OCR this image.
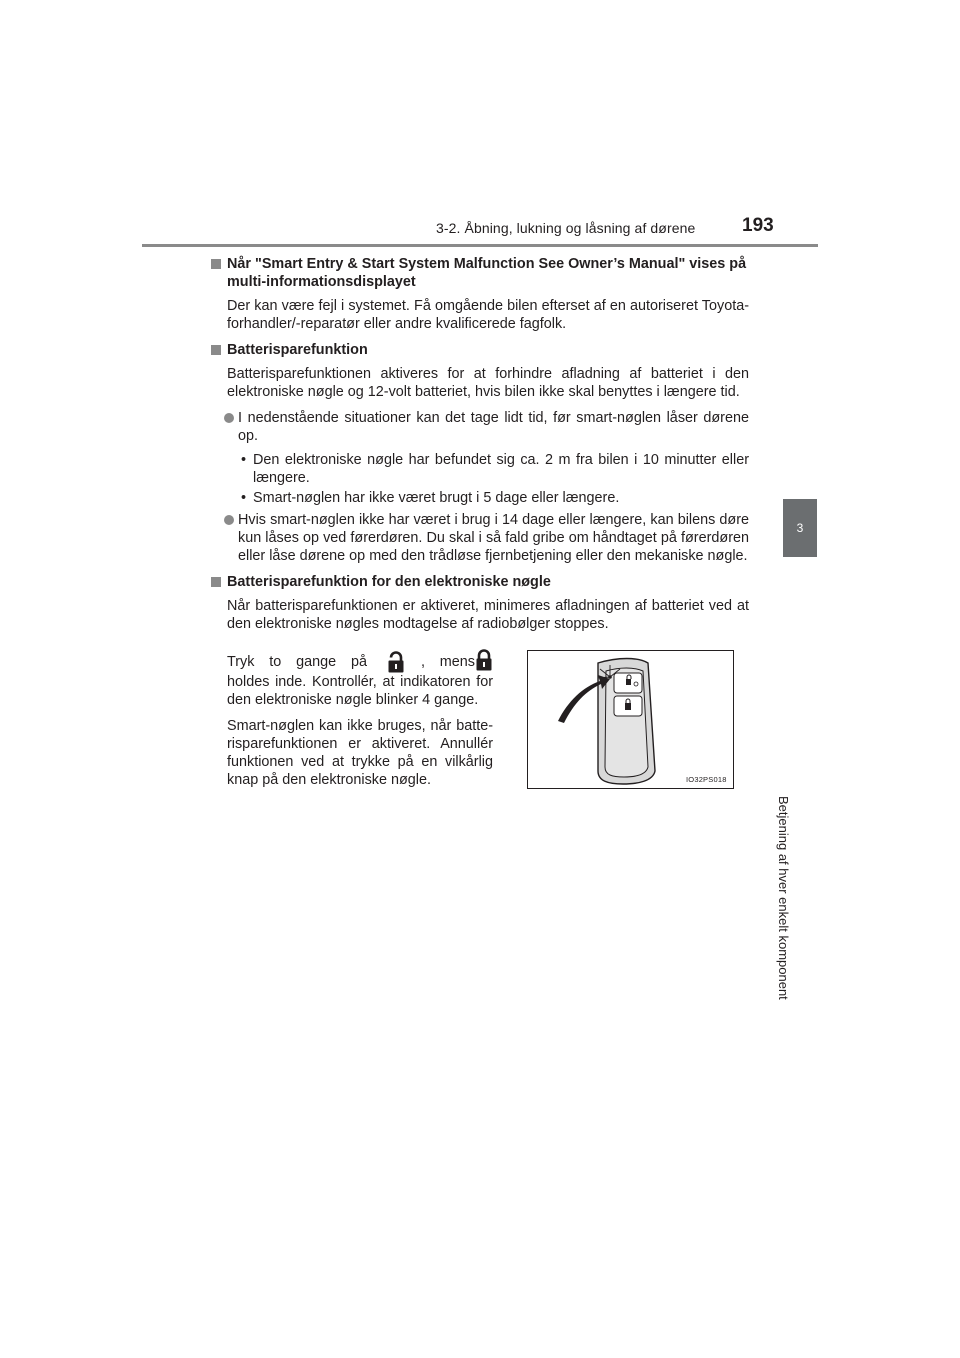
3-2. Åbning, lukning og låsning af dørene 193
3
Betjening af hver enkelt komponent
Når "Smart Entry & Start System Malfunction See Owner’s Manual" vises på multi-informationsdisplayet
Der kan være fejl i systemet. Få omgående bilen efterset af en autoriseret Toyota-forhandler/-reparatør eller andre kvalificerede fagfolk.
Batterisparefunktion
Batterisparefunktionen aktiveres for at forhindre afladning af batteriet i den elektroniske nøgle og 12-volt batteriet, hvis bilen ikke skal benyttes i længere tid.
I nedenstående situationer kan det tage lidt tid, før smart-nøglen låser dørene op.
• Den elektroniske nøgle har befundet sig ca. 2 m fra bilen i 10 minutter eller længere.
• Smart-nøglen har ikke været brugt i 5 dage eller længere.
Hvis smart-nøglen ikke har været i brug i 14 dage eller længere, kan bilens døre kun låses op ved førerdøren. Du skal i så fald gribe om håndtaget på førerdøren eller låse dørene op med den trådløse fjernbetjening eller den mekaniske nøgle.
Batterisparefunktion for den elektroniske nøgle
Når batterisparefunktionen er aktiveret, minimeres afladningen af batteriet ved at den elektroniske nøgles modtagelse af radiobølger stoppes.

Tryk to gange på	, mens holdes inde. Kontrollér, at indikatoren for den elektroniske nøgle blinker 4 gange.

Smart-nøglen kan ikke bruges, når batte-risparefunktionen er aktiveret. Annullér funktionen ved at trykke på en vilkårlig knap på den elektroniske nøgle.	IO32PS018
